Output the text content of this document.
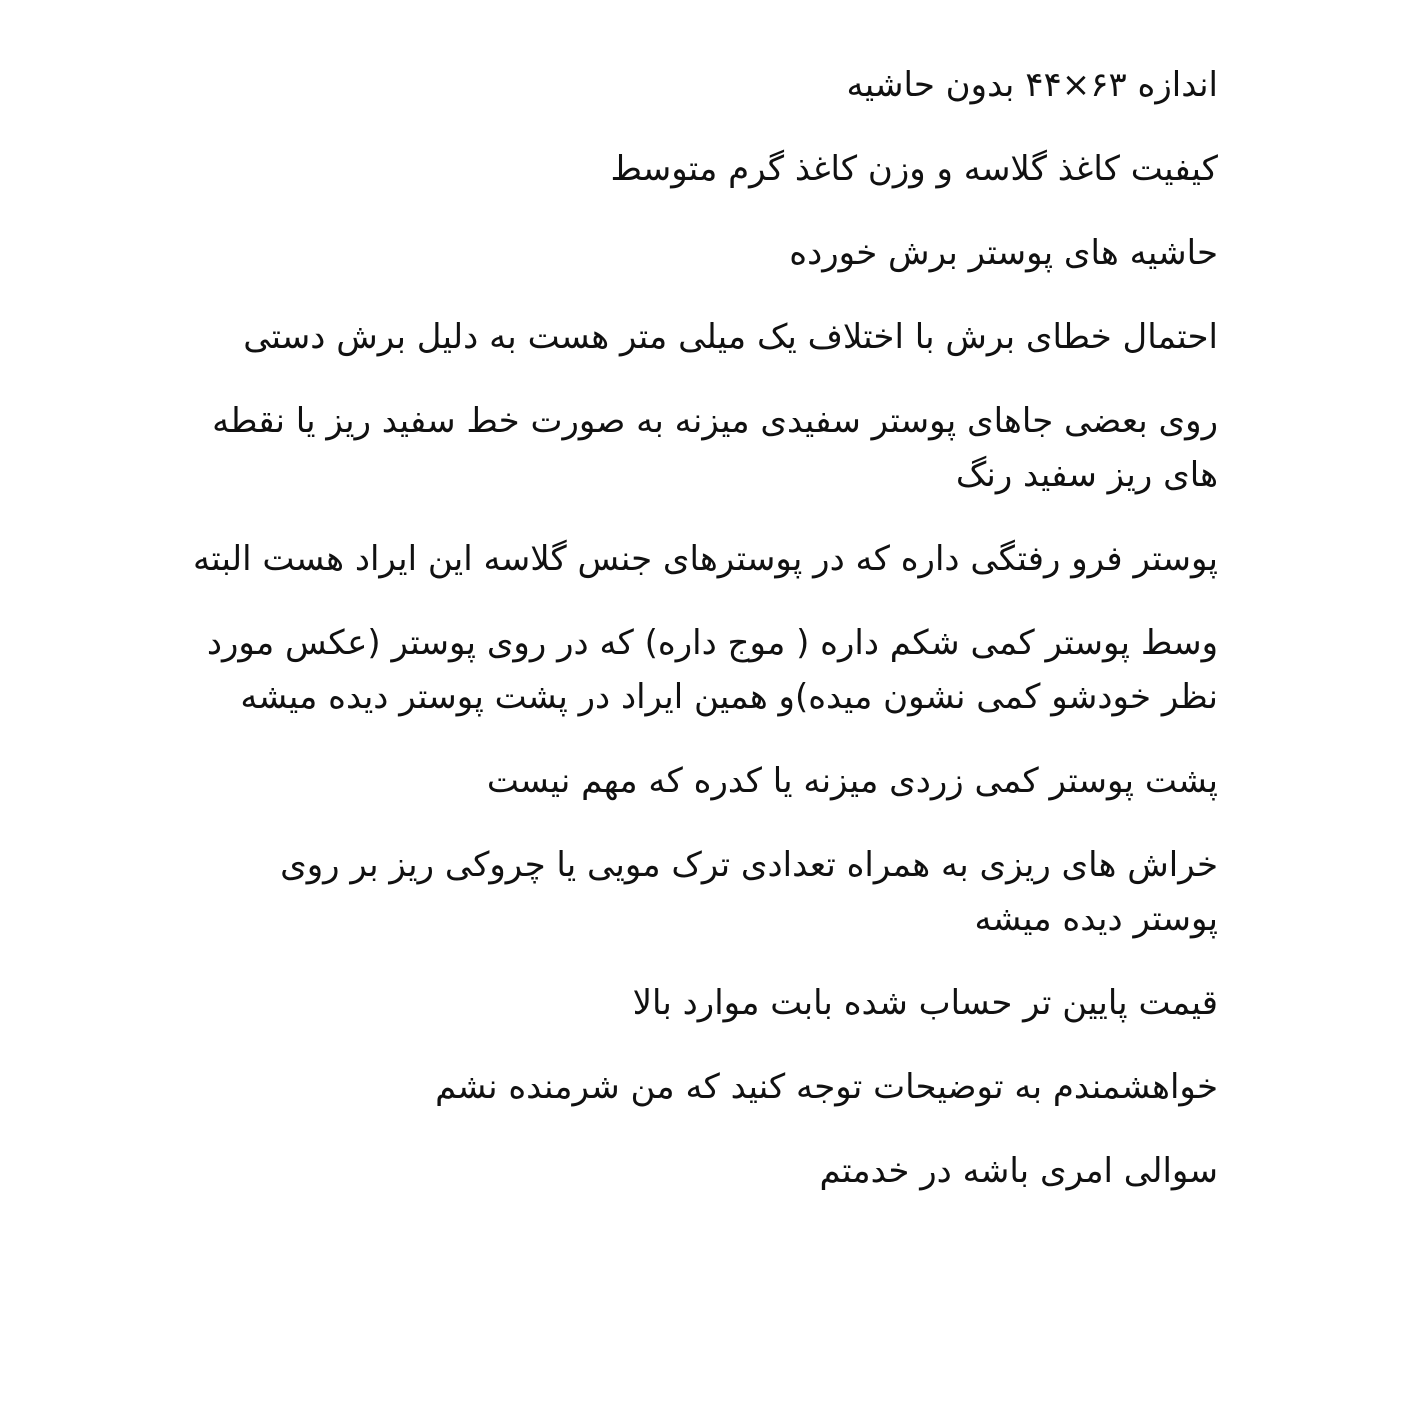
اندازه ۶۳×۴۴ بدون حاشیه

کیفیت کاغذ گلاسه و وزن کاغذ گرم متوسط

حاشیه های پوستر برش خورده

احتمال خطای برش با اختلاف یک میلی متر هست به دلیل برش دستی

روی بعضی جاهای پوستر سفیدی میزنه به صورت خط سفید ریز یا نقطه های ریز سفید رنگ

پوستر فرو رفتگی داره که در پوسترهای جنس گلاسه این ایراد هست البته

وسط پوستر کمی شکم داره ( موج داره) که در روی پوستر (عکس مورد نظر خودشو کمی نشون میده)و همین ایراد در پشت پوستر دیده میشه

پشت پوستر کمی زردی میزنه یا کدره که مهم نیست

خراش های ریزی به همراه تعدادی ترک مویی یا چروکی ریز بر روی پوستر دیده میشه

قیمت پایین تر حساب شده بابت موارد بالا

خواهشمندم به توضیحات توجه کنید که من شرمنده نشم

سوالی امری باشه در خدمتم
